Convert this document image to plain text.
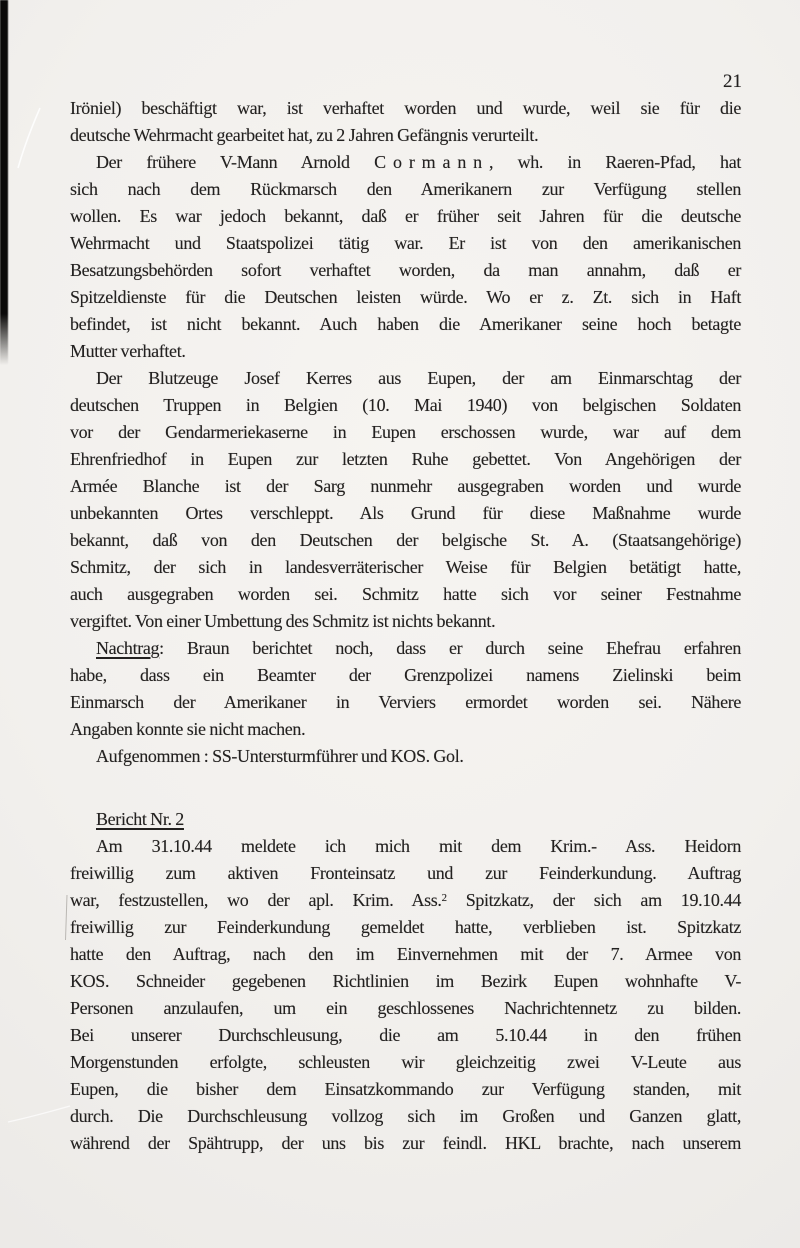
21
Iröniel) beschäftigt war, ist verhaftet worden und wurde, weil sie für die
deutsche Wehrmacht gearbeitet hat, zu 2 Jahren Gefängnis verurteilt.
Der frühere V-Mann Arnold Cormann, wh. in Raeren-Pfad, hat
sich nach dem Rückmarsch den Amerikanern zur Verfügung stellen
wollen. Es war jedoch bekannt, daß er früher seit Jahren für die deutsche
Wehrmacht und Staatspolizei tätig war. Er ist von den amerikanischen
Besatzungsbehörden sofort verhaftet worden, da man annahm, daß er
Spitzeldienste für die Deutschen leisten würde. Wo er z. Zt. sich in Haft
befindet, ist nicht bekannt. Auch haben die Amerikaner seine hoch betagte
Mutter verhaftet.
Der Blutzeuge Josef Kerres aus Eupen, der am Einmarschtag der
deutschen Truppen in Belgien (10. Mai 1940) von belgischen Soldaten
vor der Gendarmeriekaserne in Eupen erschossen wurde, war auf dem
Ehrenfriedhof in Eupen zur letzten Ruhe gebettet. Von Angehörigen der
Armée Blanche ist der Sarg nunmehr ausgegraben worden und wurde
unbekannten Ortes verschleppt. Als Grund für diese Maßnahme wurde
bekannt, daß von den Deutschen der belgische St. A. (Staatsangehörige)
Schmitz, der sich in landesverräterischer Weise für Belgien betätigt hatte,
auch ausgegraben worden sei. Schmitz hatte sich vor seiner Festnahme
vergiftet. Von einer Umbettung des Schmitz ist nichts bekannt.
Nachtrag: Braun berichtet noch, dass er durch seine Ehefrau erfahren
habe, dass ein Beamter der Grenzpolizei namens Zielinski beim
Einmarsch der Amerikaner in Verviers ermordet worden sei. Nähere
Angaben konnte sie nicht machen.
Aufgenommen : SS-Untersturmführer und KOS. Gol.
Bericht Nr. 2
Am 31.10.44 meldete ich mich mit dem Krim.- Ass. Heidorn
freiwillig zum aktiven Fronteinsatz und zur Feinderkundung. Auftrag
war, festzustellen, wo der apl. Krim. Ass.$^2$ Spitzkatz, der sich am 19.10.44
freiwillig zur Feinderkundung gemeldet hatte, verblieben ist. Spitzkatz
hatte den Auftrag, nach den im Einvernehmen mit der 7. Armee von
KOS. Schneider gegebenen Richtlinien im Bezirk Eupen wohnhafte V-
Personen anzulaufen, um ein geschlossenes Nachrichtennetz zu bilden.
Bei unserer Durchschleusung, die am 5.10.44 in den frühen
Morgenstunden erfolgte, schleusten wir gleichzeitig zwei V-Leute aus
Eupen, die bisher dem Einsatzkommando zur Verfügung standen, mit
durch. Die Durchschleusung vollzog sich im Großen und Ganzen glatt,
während der Spähtrupp, der uns bis zur feindl. HKL brachte, nach unserem
